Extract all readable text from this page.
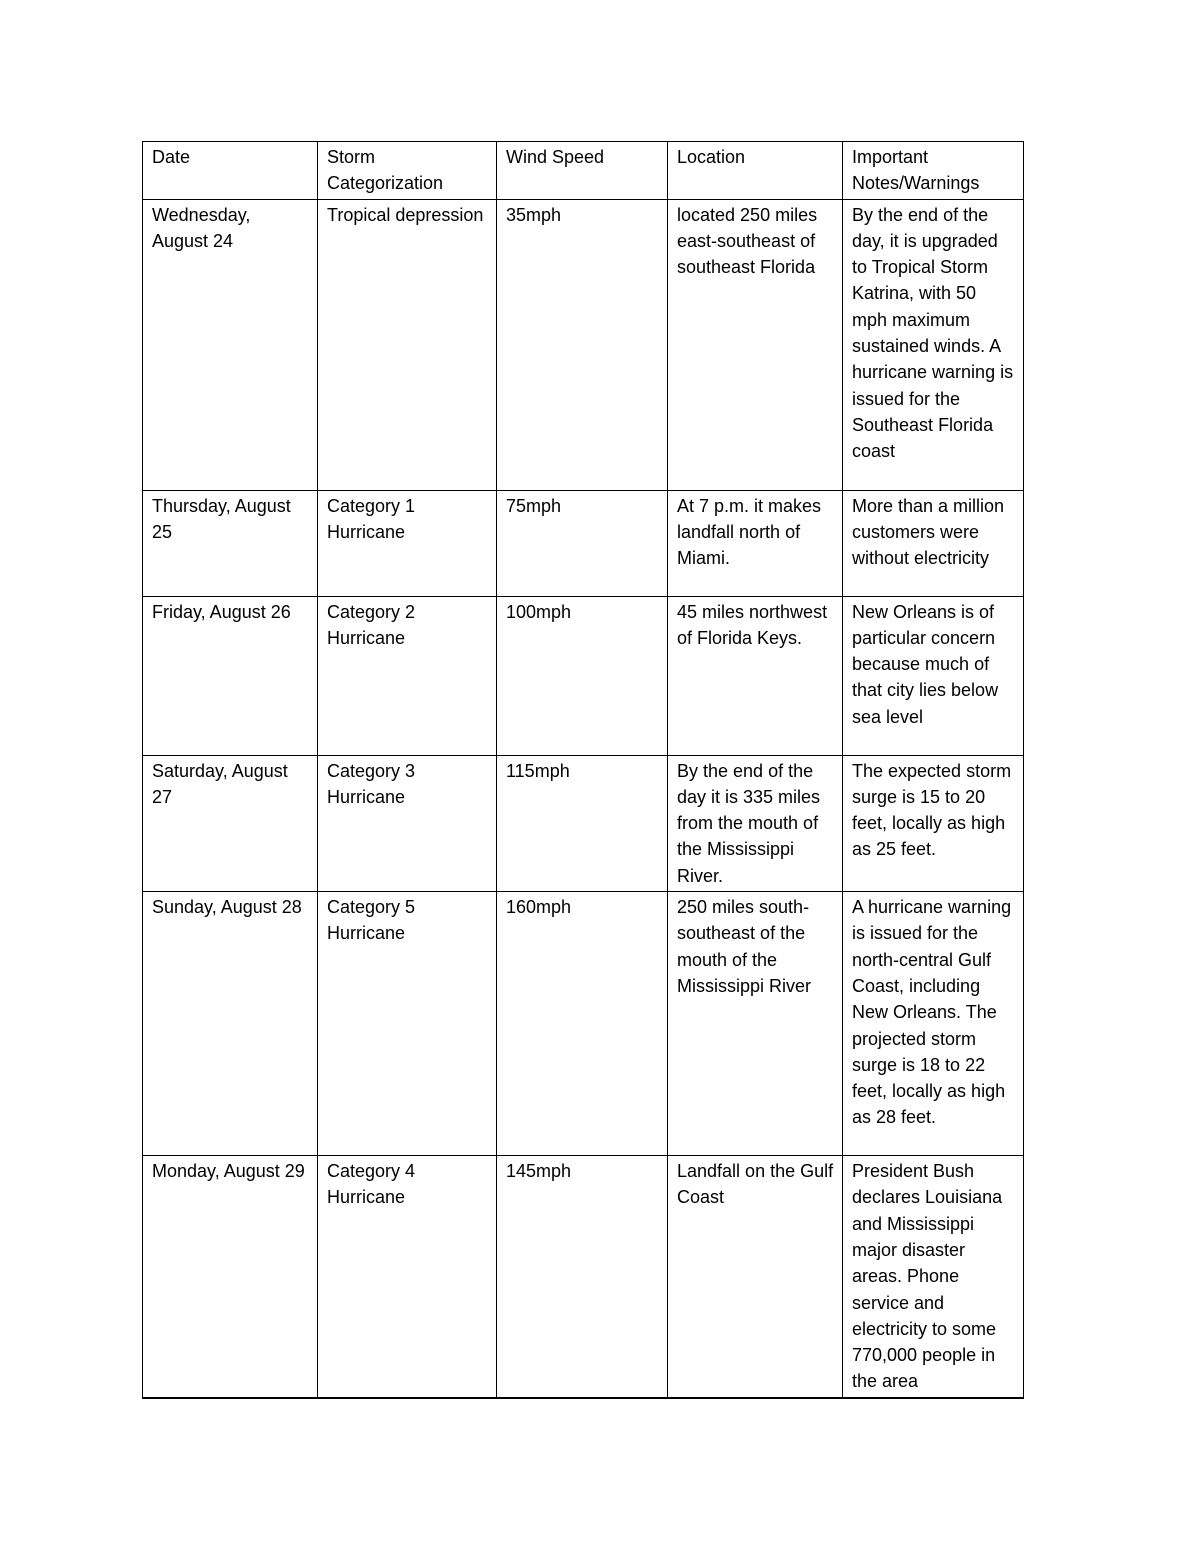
Date	Storm Categorization	Wind Speed	Location	Important Notes/Warnings
Wednesday, August 24	Tropical depression	35mph	located 250 miles east-southeast of southeast Florida	By the end of the day, it is upgraded to Tropical Storm Katrina, with 50 mph maximum sustained winds. A hurricane warning is issued for the Southeast Florida coast
Thursday, August 25	Category 1 Hurricane	75mph	At 7 p.m. it makes landfall north of Miami.	More than a million customers were without electricity
Friday, August 26	Category 2 Hurricane	100mph	45 miles northwest of Florida Keys.	New Orleans is of particular concern because much of that city lies below sea level
Saturday, August 27	Category 3 Hurricane	115mph	By the end of the day it is 335 miles from the mouth of the Mississippi River.	The expected storm surge is 15 to 20 feet, locally as high as 25 feet.
Sunday, August 28	Category 5 Hurricane	160mph	250 miles south-southeast of the mouth of the Mississippi River	A hurricane warning is issued for the north-central Gulf Coast, including New Orleans. The projected storm surge is 18 to 22 feet, locally as high as 28 feet.
Monday, August 29	Category 4 Hurricane	145mph	Landfall on the Gulf Coast	President Bush declares Louisiana and Mississippi major disaster areas. Phone service and electricity to some 770,000 people in the area
